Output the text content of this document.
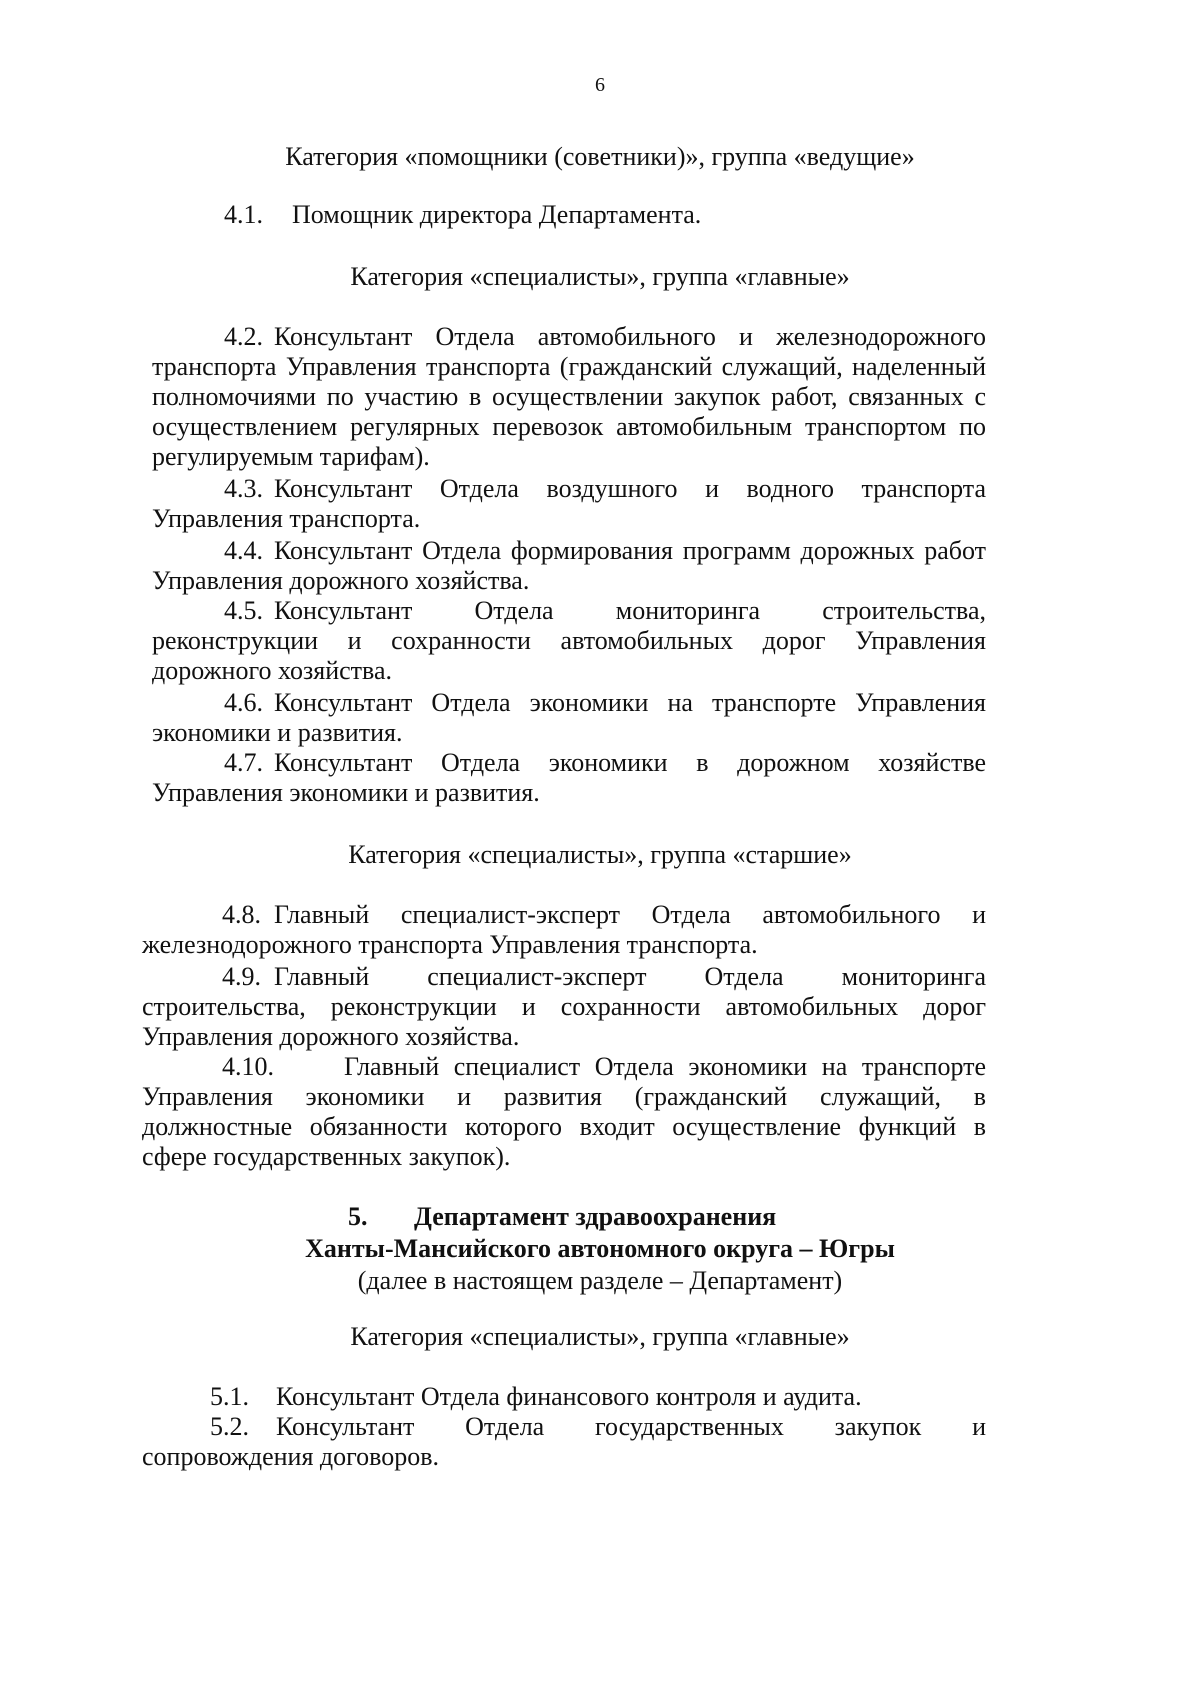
6
Категория «помощники (советники)», группа «ведущие»
4.1. Помощник директора Департамента.
Категория «специалисты», группа «главные»
4.2. Консультант Отдела автомобильного и железнодорожного
транспорта Управления транспорта (гражданский служащий, наделенный
полномочиями по участию в осуществлении закупок работ, связанных с
осуществлением регулярных перевозок автомобильным транспортом по
регулируемым тарифам).
4.3. Консультант Отдела воздушного и водного транспорта
Управления транспорта.
4.4. Консультант Отдела формирования программ дорожных работ
Управления дорожного хозяйства.
4.5. Консультант Отдела мониторинга строительства,
реконструкции и сохранности автомобильных дорог Управления
дорожного хозяйства.
4.6. Консультант Отдела экономики на транспорте Управления
экономики и развития.
4.7. Консультант Отдела экономики в дорожном хозяйстве
Управления экономики и развития.
Категория «специалисты», группа «старшие»
4.8. Главный специалист-эксперт Отдела автомобильного и
железнодорожного транспорта Управления транспорта.
4.9. Главный специалист-эксперт Отдела мониторинга
строительства, реконструкции и сохранности автомобильных дорог
Управления дорожного хозяйства.
4.10.	Главный специалист Отдела экономики на транспорте
Управления экономики и развития (гражданский служащий, в
должностные обязанности которого входит осуществление функций в
сфере государственных закупок).
5. Департамент здравоохранения
Ханты-Мансийского автономного округа – Югры
(далее в настоящем разделе – Департамент)
Категория «специалисты», группа «главные»
5.1. Консультант Отдела финансового контроля и аудита.
5.2. Консультант Отдела государственных закупок и
сопровождения договоров.
